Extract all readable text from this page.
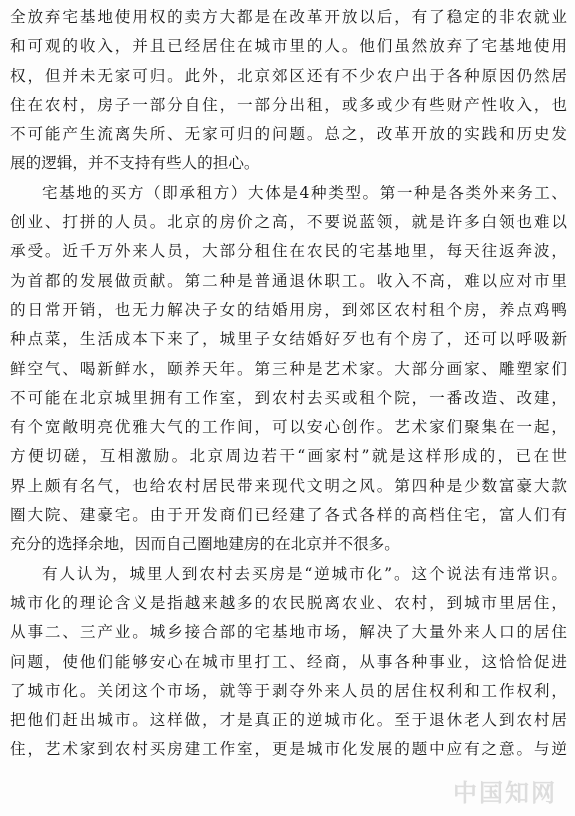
全放弃宅基地使用权的卖方大都是在改革开放以后，有了稳定的非农就业
和可观的收入，并且已经居住在城市里的人。他们虽然放弃了宅基地使用
权，但并未无家可归。此外，北京郊区还有不少农户出于各种原因仍然居
住在农村，房子一部分自住，一部分出租，或多或少有些财产性收入，也
不可能产生流离失所、无家可归的问题。总之，改革开放的实践和历史发
展的逻辑，并不支持有些人的担心。
宅基地的买方（即承租方）大体是4种类型。第一种是各类外来务工、
创业、打拼的人员。北京的房价之高，不要说蓝领，就是许多白领也难以
承受。近千万外来人员，大部分租住在农民的宅基地里，每天往返奔波，
为首都的发展做贡献。第二种是普通退休职工。收入不高，难以应对市里
的日常开销，也无力解决子女的结婚用房，到郊区农村租个房，养点鸡鸭
种点菜，生活成本下来了，城里子女结婚好歹也有个房了，还可以呼吸新
鲜空气、喝新鲜水，颐养天年。第三种是艺术家。大部分画家、雕塑家们
不可能在北京城里拥有工作室，到农村去买或租个院，一番改造、改建，
有个宽敞明亮优雅大气的工作间，可以安心创作。艺术家们聚集在一起，
方便切磋，互相激励。北京周边若干“画家村”就是这样形成的，已在世
界上颇有名气，也给农村居民带来现代文明之风。第四种是少数富豪大款
圈大院、建豪宅。由于开发商们已经建了各式各样的高档住宅，富人们有
充分的选择余地，因而自己圈地建房的在北京并不很多。
有人认为，城里人到农村去买房是“逆城市化”。这个说法有违常识。
城市化的理论含义是指越来越多的农民脱离农业、农村，到城市里居住，
从事二、三产业。城乡接合部的宅基地市场，解决了大量外来人口的居住
问题，使他们能够安心在城市里打工、经商，从事各种事业，这恰恰促进
了城市化。关闭这个市场，就等于剥夺外来人员的居住权利和工作权利，
把他们赶出城市。这样做，才是真正的逆城市化。至于退休老人到农村居
住，艺术家到农村买房建工作室，更是城市化发展的题中应有之意。与逆
中国知网
